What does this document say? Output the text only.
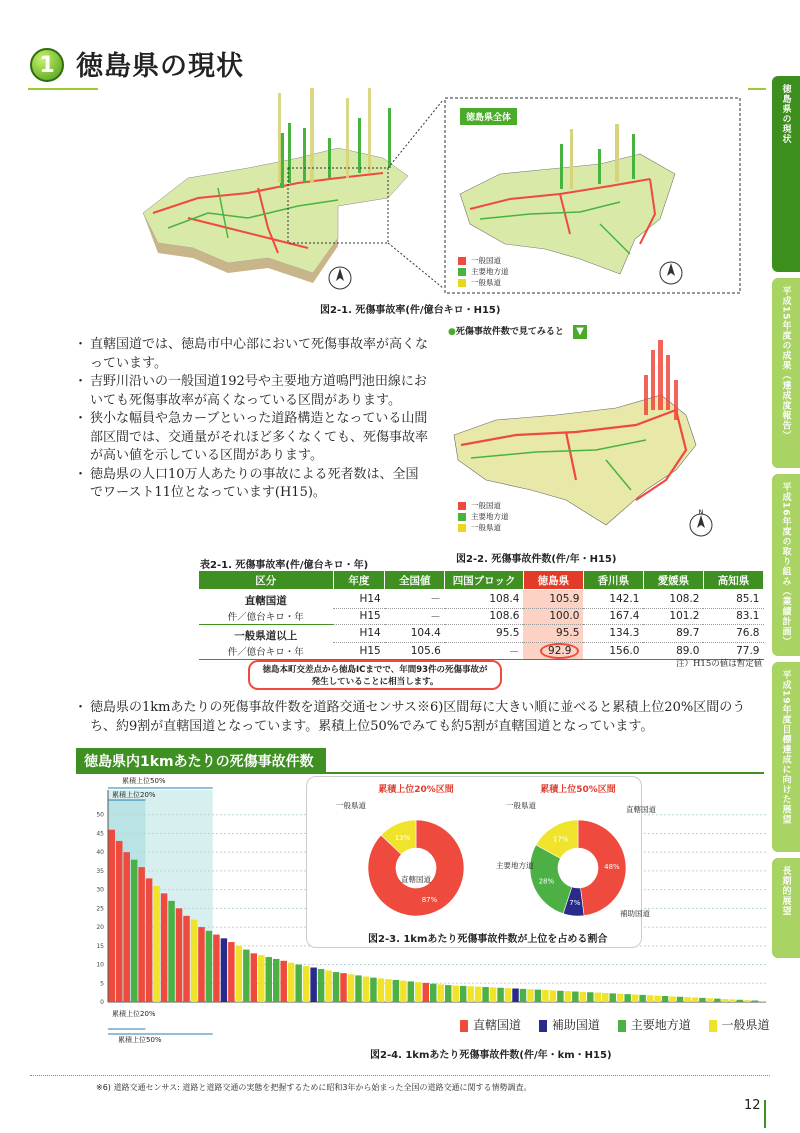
1 徳島県の現状
徳島県の現状
平成15年度の成果（達成度報告）
平成16年度の取り組み（業績計画）
平成19年度目標達成に向けた展望
長期的展望
徳島県全体
一般国道
主要地方道
一般県道
図2-1. 死傷事故率(件/億台キロ・H15)
・ 直轄国道では、徳島市中心部において死傷事故率が高くなっています。
・ 吉野川沿いの一般国道192号や主要地方道鳴門池田線においても死傷事故率が高くなっている区間があります。
・ 狭小な幅員や急カーブといった道路構造となっている山間部区間では、交通量がそれほど多くなくても、死傷事故率が高い値を示している区間があります。
・ 徳島県の人口10万人あたりの事故による死者数は、全国でワースト11位となっています(H15)。
●死傷事故件数で見てみると ▼
一般国道
主要地方道
一般県道
N
表2-1. 死傷事故率(件/億台キロ・年)
図2-2. 死傷事故件数(件/年・H15)
区分	年度	全国値	四国ブロック	徳島県	香川県	愛媛県	高知県
直轄国道	H14	－	108.4	105.9	142.1	108.2	85.1
件／億台キロ・年	H15	－	108.6	100.0	167.4	101.2	83.1
一般県道以上	H14	104.4	95.5	95.5	134.3	89.7	76.8
件／億台キロ・年	H15	105.6	－	92.9	156.0	89.0	77.9
注）H15の値は暫定値
徳島本町交差点から徳島ICまでで、年間93件の死傷事故が発生していることに相当します。
・ 徳島県の1kmあたりの死傷事故件数を道路交通センサス※6)区間毎に大きい順に並べると累積上位20%区間のうち、約9割が直轄国道となっています。累積上位50%でみても約5割が直轄国道となっています。
徳島県内1kmあたりの死傷事故件数
0
5
10
15
20
25
30
35
40
45
50
累積上位50%
累積上位20%
累積上位20%
累積上位50%
累積上位20%区間
87%
直轄国道
13%
一般県道
累積上位50%区間
48%
直轄国道
7%
補助国道
28%
主要地方道
17%
一般県道
図2-3. 1kmあたり死傷事故件数が上位を占める割合
直轄国道	補助国道	主要地方道	一般県道
図2-4. 1kmあたり死傷事故件数(件/年・km・H15)
※6) 道路交通センサス: 道路と道路交通の実態を把握するために昭和3年から始まった全国の道路交通に関する情勢調査。
12
